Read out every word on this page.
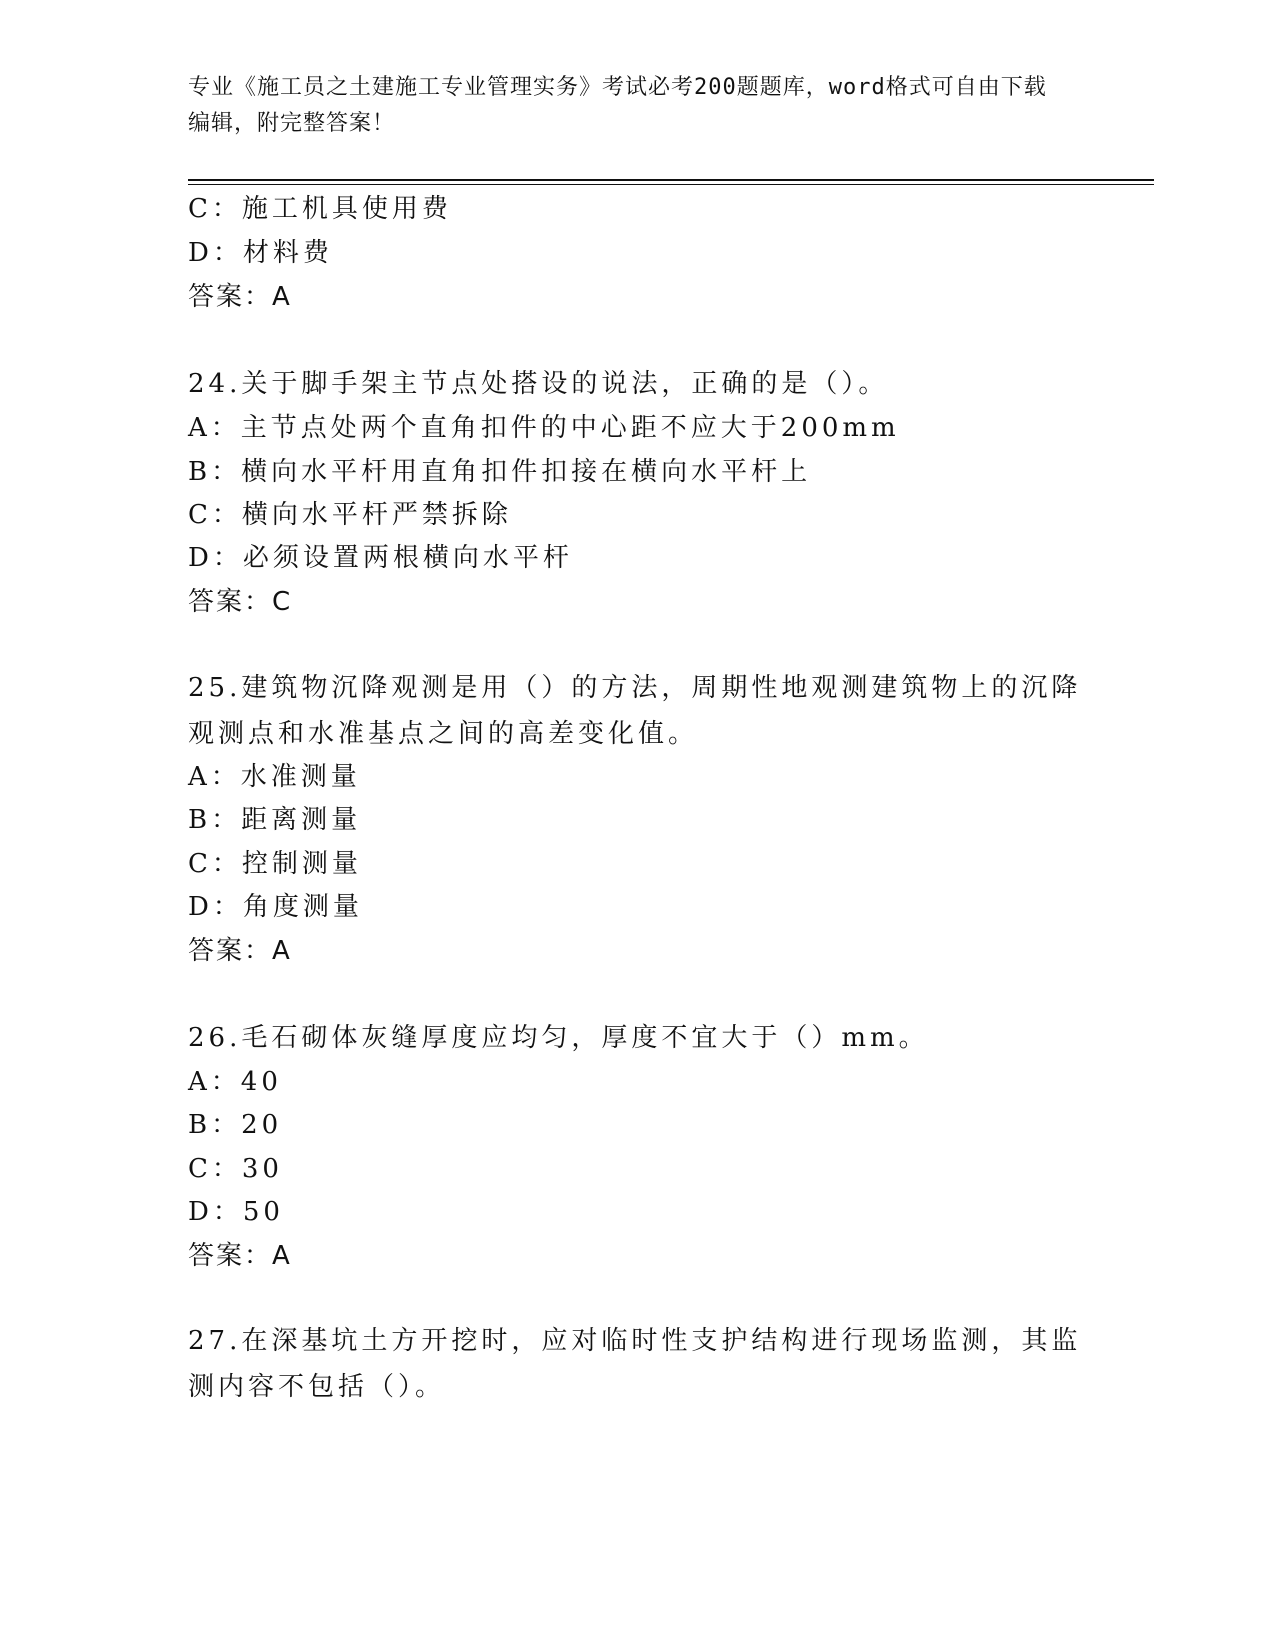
专业《施工员之土建施工专业管理实务》考试必考200题题库，word格式可自由下载编辑，附完整答案！
C：施工机具使用费
D：材料费
答案：A
24.关于脚手架主节点处搭设的说法，正确的是（）。
A：主节点处两个直角扣件的中心距不应大于200mm
B：横向水平杆用直角扣件扣接在横向水平杆上
C：横向水平杆严禁拆除
D：必须设置两根横向水平杆
答案：C
25.建筑物沉降观测是用（）的方法，周期性地观测建筑物上的沉降观测点和水准基点之间的高差变化值。
A：水准测量
B：距离测量
C：控制测量
D：角度测量
答案：A
26.毛石砌体灰缝厚度应均匀，厚度不宜大于（）mm。
A：40
B：20
C：30
D：50
答案：A
27.在深基坑土方开挖时，应对临时性支护结构进行现场监测，其监测内容不包括（）。
